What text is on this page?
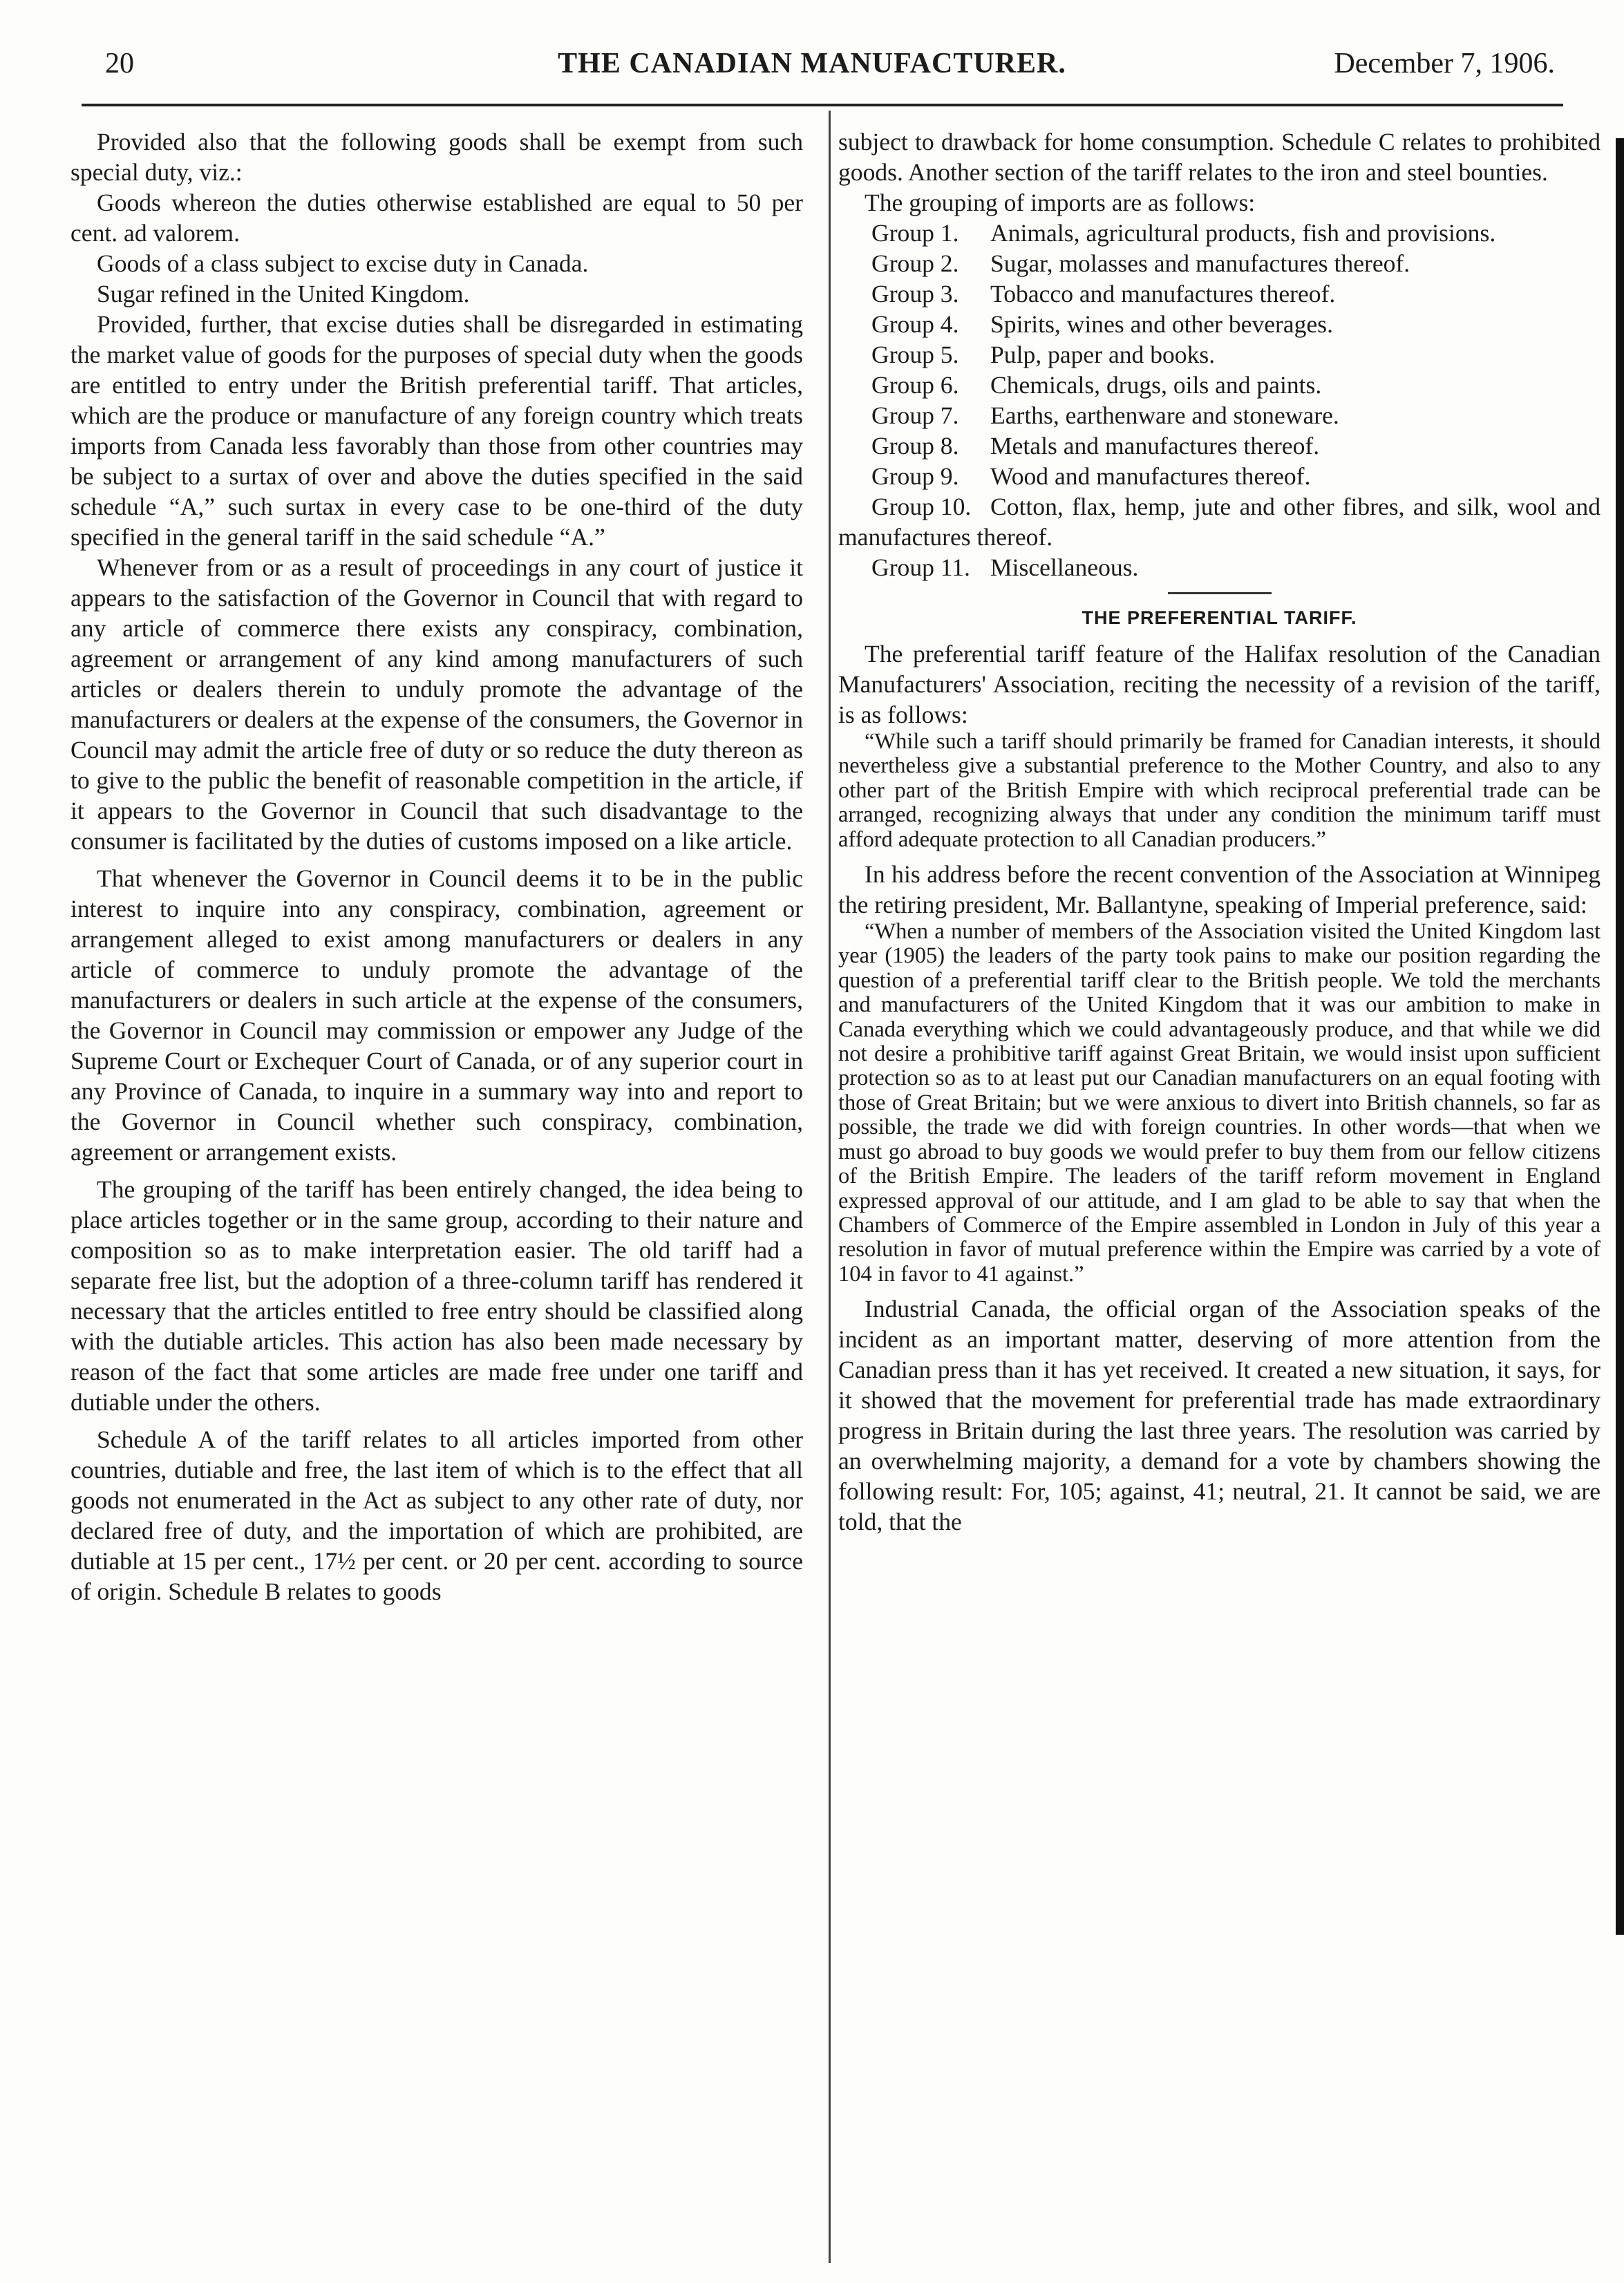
20	THE CANADIAN MANUFACTURER.	December 7, 1906.

Provided also that the following goods shall be exempt from such special duty, viz.:

Goods whereon the duties otherwise established are equal to 50 per cent. ad valorem.

Goods of a class subject to excise duty in Canada.

Sugar refined in the United Kingdom.

Provided, further, that excise duties shall be disregarded in estimating the market value of goods for the purposes of special duty when the goods are entitled to entry under the British preferential tariff. That articles, which are the produce or manufacture of any foreign country which treats imports from Canada less favorably than those from other countries may be subject to a surtax of over and above the duties specified in the said schedule “A,” such surtax in every case to be one-third of the duty specified in the general tariff in the said schedule “A.”

Whenever from or as a result of proceedings in any court of justice it appears to the satisfaction of the Governor in Council that with regard to any article of commerce there exists any conspiracy, combination, agreement or arrangement of any kind among manufacturers of such articles or dealers therein to unduly promote the advantage of the manufacturers or dealers at the expense of the consumers, the Governor in Council may admit the article free of duty or so reduce the duty thereon as to give to the public the benefit of reasonable competition in the article, if it appears to the Governor in Council that such disadvantage to the consumer is facilitated by the duties of customs imposed on a like article.

That whenever the Governor in Council deems it to be in the public interest to inquire into any conspiracy, combination, agreement or arrangement alleged to exist among manufacturers or dealers in any article of commerce to unduly promote the advantage of the manufacturers or dealers in such article at the expense of the consumers, the Governor in Council may commission or empower any Judge of the Supreme Court or Exchequer Court of Canada, or of any superior court in any Province of Canada, to inquire in a summary way into and report to the Governor in Council whether such conspiracy, combination, agreement or arrangement exists.

The grouping of the tariff has been entirely changed, the idea being to place articles together or in the same group, according to their nature and composition so as to make interpretation easier. The old tariff had a separate free list, but the adoption of a three-column tariff has rendered it necessary that the articles entitled to free entry should be classified along with the dutiable articles. This action has also been made necessary by reason of the fact that some articles are made free under one tariff and dutiable under the others.

Schedule A of the tariff relates to all articles imported from other countries, dutiable and free, the last item of which is to the effect that all goods not enumerated in the Act as subject to any other rate of duty, nor declared free of duty, and the importation of which are prohibited, are dutiable at 15 per cent., 17½ per cent. or 20 per cent. according to source of origin. Schedule B relates to goods

subject to drawback for home consumption. Schedule C relates to prohibited goods. Another section of the tariff relates to the iron and steel bounties.

The grouping of imports are as follows:

Group 1. Animals, agricultural products, fish and provisions.

Group 2. Sugar, molasses and manufactures thereof.

Group 3. Tobacco and manufactures thereof.

Group 4. Spirits, wines and other beverages.

Group 5. Pulp, paper and books.

Group 6. Chemicals, drugs, oils and paints.

Group 7. Earths, earthenware and stoneware.

Group 8. Metals and manufactures thereof.

Group 9. Wood and manufactures thereof.

Group 10. Cotton, flax, hemp, jute and other fibres, and silk, wool and manufactures thereof.

Group 11. Miscellaneous.

THE PREFERENTIAL TARIFF.

The preferential tariff feature of the Halifax resolution of the Canadian Manufacturers' Association, reciting the necessity of a revision of the tariff, is as follows:

“While such a tariff should primarily be framed for Canadian interests, it should nevertheless give a substantial preference to the Mother Country, and also to any other part of the British Empire with which reciprocal preferential trade can be arranged, recognizing always that under any condition the minimum tariff must afford adequate protection to all Canadian producers.”

In his address before the recent convention of the Association at Winnipeg the retiring president, Mr. Ballantyne, speaking of Imperial preference, said:

“When a number of members of the Association visited the United Kingdom last year (1905) the leaders of the party took pains to make our position regarding the question of a preferential tariff clear to the British people. We told the merchants and manufacturers of the United Kingdom that it was our ambition to make in Canada everything which we could advantageously produce, and that while we did not desire a prohibitive tariff against Great Britain, we would insist upon sufficient protection so as to at least put our Canadian manufacturers on an equal footing with those of Great Britain; but we were anxious to divert into British channels, so far as possible, the trade we did with foreign countries. In other words—that when we must go abroad to buy goods we would prefer to buy them from our fellow citizens of the British Empire. The leaders of the tariff reform movement in England expressed approval of our attitude, and I am glad to be able to say that when the Chambers of Commerce of the Empire assembled in London in July of this year a resolution in favor of mutual preference within the Empire was carried by a vote of 104 in favor to 41 against.”

Industrial Canada, the official organ of the Association speaks of the incident as an important matter, deserving of more attention from the Canadian press than it has yet received. It created a new situation, it says, for it showed that the movement for preferential trade has made extraordinary progress in Britain during the last three years. The resolution was carried by an overwhelming majority, a demand for a vote by chambers showing the following result: For, 105; against, 41; neutral, 21. It cannot be said, we are told, that the
